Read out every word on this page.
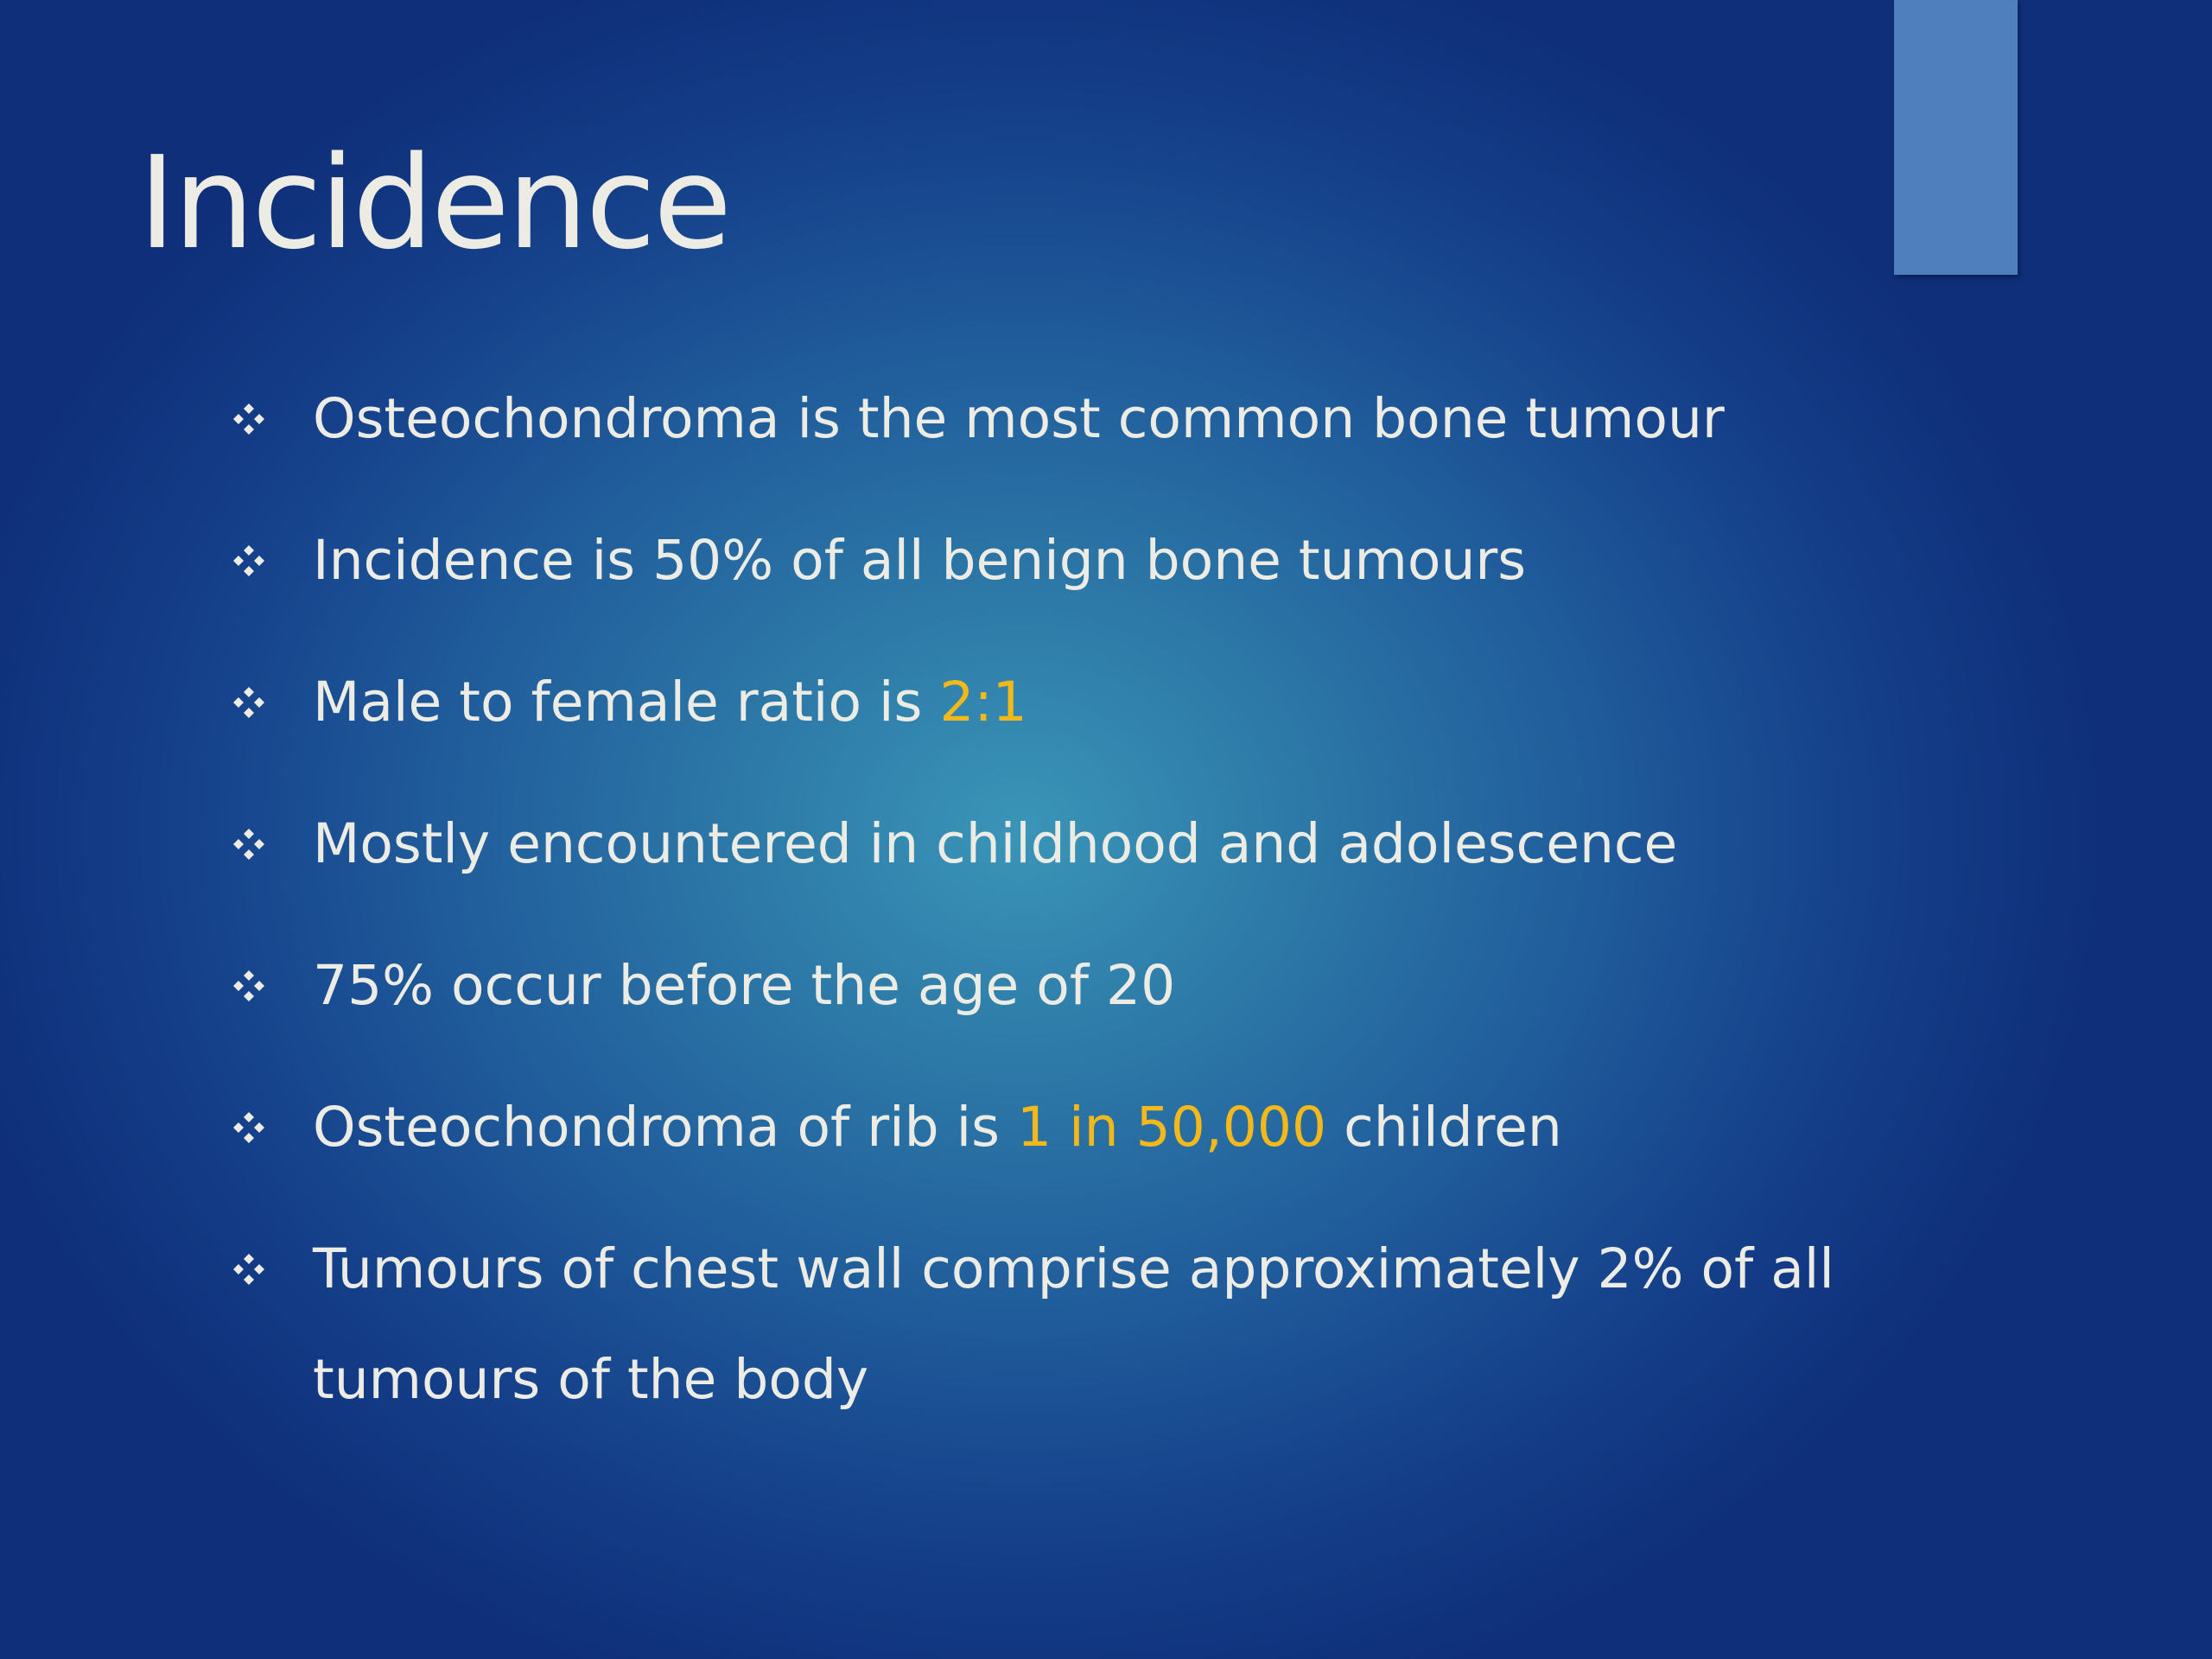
Incidence
Osteochondroma is the most common bone tumour
Incidence is 50% of all benign bone tumours
Male to female ratio is 2:1
Mostly encountered in childhood and adolescence
75% occur before the age of 20
Osteochondroma of rib is 1 in 50,000 children
Tumours of chest wall comprise approximately 2% of all tumours of the body
